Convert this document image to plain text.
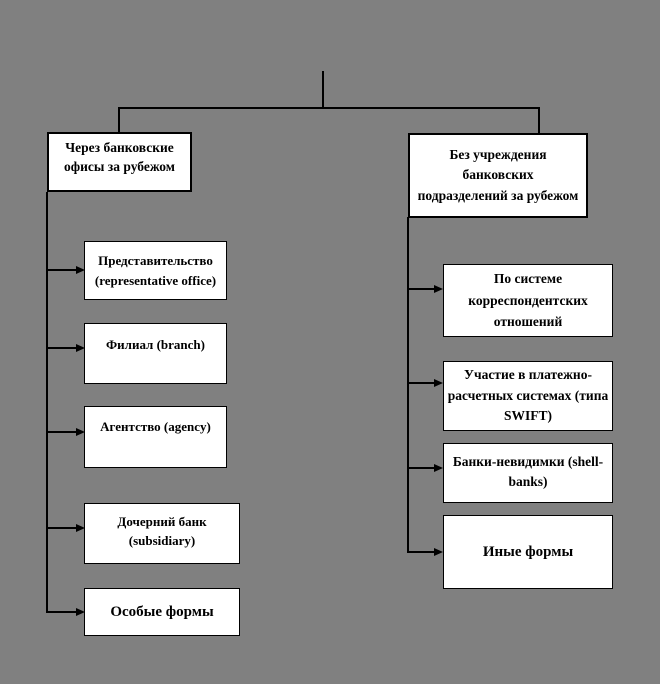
Через банковские офисы за рубежом
Без учреждения банковских подразделений за рубежом
Представительство (representative office)
Филиал (branch)
Агентство (agency)
Дочерний банк (subsidiary)
Особые формы
По системе корреспондентских отношений
Участие в платежно-расчетных системах (типа SWIFT)
Банки-невидимки (shell-banks)
Иные формы
